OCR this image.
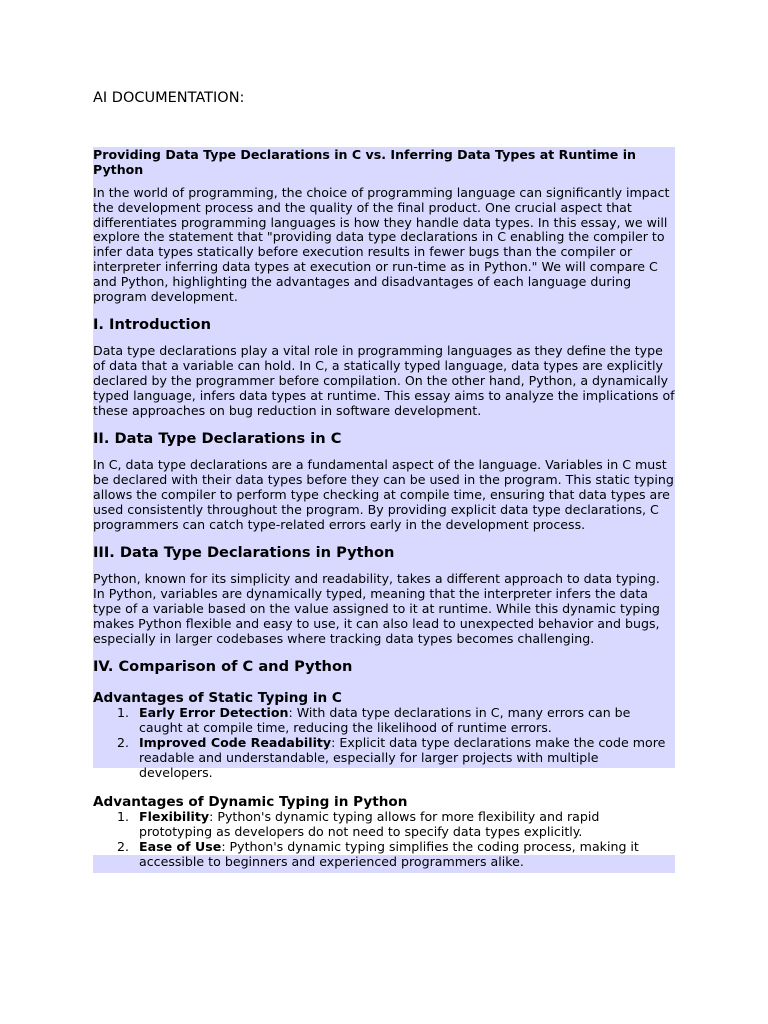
AI DOCUMENTATION:
Providing Data Type Declarations in C vs. Inferring Data Types at Runtime in Python

In the world of programming, the choice of programming language can significantly impact the development process and the quality of the final product. One crucial aspect that differentiates programming languages is how they handle data types. In this essay, we will explore the statement that "providing data type declarations in C enabling the compiler to infer data types statically before execution results in fewer bugs than the compiler or interpreter inferring data types at execution or run-time as in Python." We will compare C and Python, highlighting the advantages and disadvantages of each language during program development.

I. Introduction

Data type declarations play a vital role in programming languages as they define the type of data that a variable can hold. In C, a statically typed language, data types are explicitly declared by the programmer before compilation. On the other hand, Python, a dynamically typed language, infers data types at runtime. This essay aims to analyze the implications of these approaches on bug reduction in software development.

II. Data Type Declarations in C

In C, data type declarations are a fundamental aspect of the language. Variables in C must be declared with their data types before they can be used in the program. This static typing allows the compiler to perform type checking at compile time, ensuring that data types are used consistently throughout the program. By providing explicit data type declarations, C programmers can catch type-related errors early in the development process.

III. Data Type Declarations in Python

Python, known for its simplicity and readability, takes a different approach to data typing. In Python, variables are dynamically typed, meaning that the interpreter infers the data type of a variable based on the value assigned to it at runtime. While this dynamic typing makes Python flexible and easy to use, it can also lead to unexpected behavior and bugs, especially in larger codebases where tracking data types becomes challenging.

IV. Comparison of C and Python
Advantages of Static Typing in C
1. Early Error Detection: With data type declarations in C, many errors can be caught at compile time, reducing the likelihood of runtime errors.
2. Improved Code Readability: Explicit data type declarations make the code more readable and understandable, especially for larger projects with multiple developers.
Advantages of Dynamic Typing in Python
1. Flexibility: Python's dynamic typing allows for more flexibility and rapid prototyping as developers do not need to specify data types explicitly.
2. Ease of Use: Python's dynamic typing simplifies the coding process, making it accessible to beginners and experienced programmers alike.
